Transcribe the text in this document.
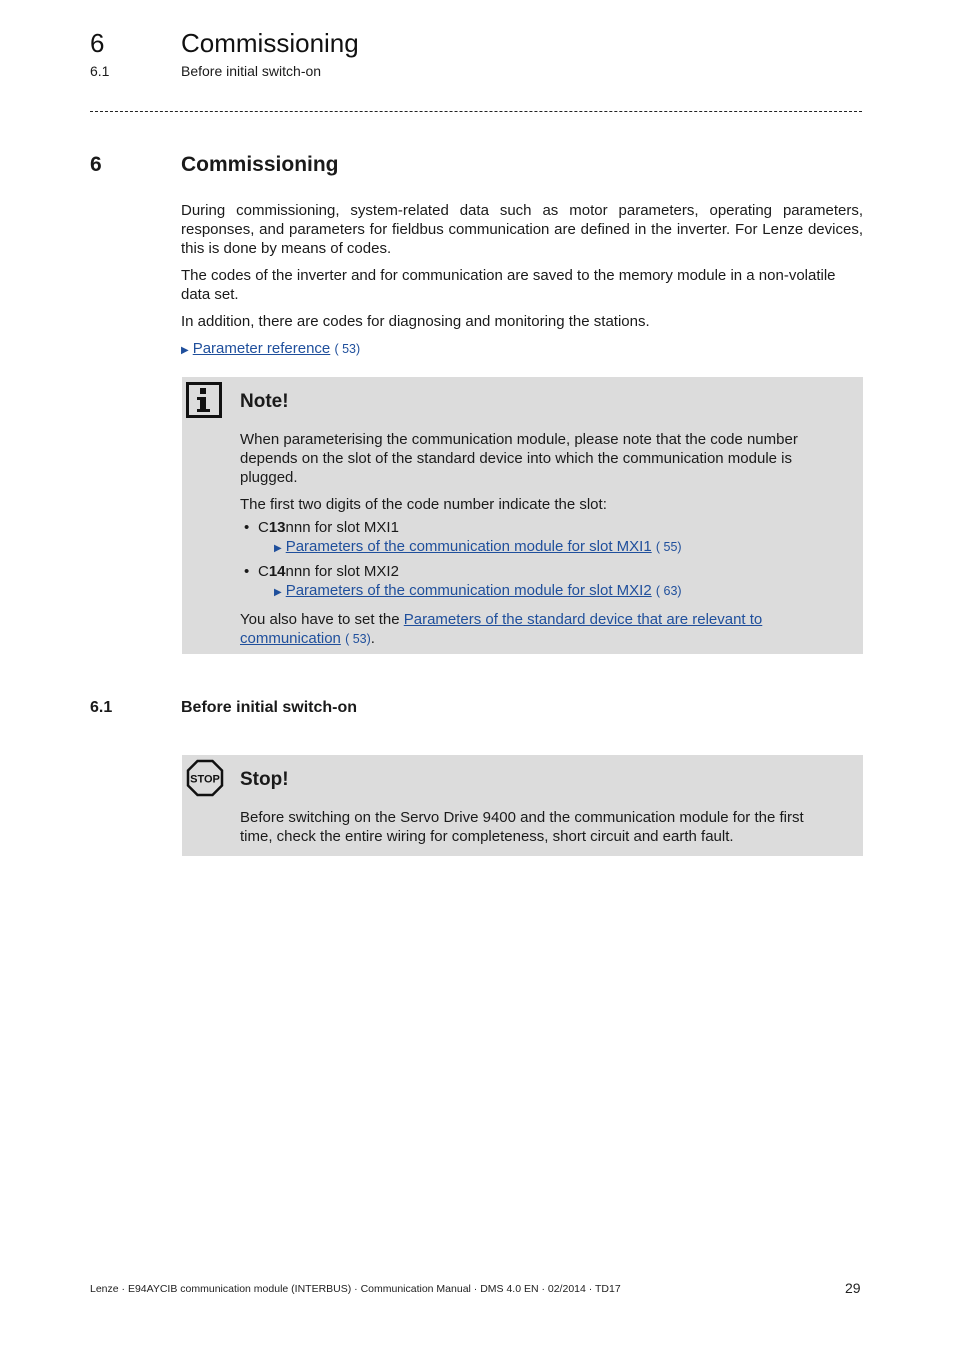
6	Commissioning
6.1	Before initial switch-on
6	Commissioning

During commissioning, system-related data such as motor parameters, operating parameters, responses, and parameters for fieldbus communication are defined in the inverter. For Lenze devices, this is done by means of codes.

The codes of the inverter and for communication are saved to the memory module in a non-volatile data set.

In addition, there are codes for diagnosing and monitoring the stations.

▶ Parameter reference ( 53)

Note!

When parameterising the communication module, please note that the code number depends on the slot of the standard device into which the communication module is plugged.

The first two digits of the code number indicate the slot:

• C13nnn for slot MXI1
▶ Parameters of the communication module for slot MXI1 ( 55)
• C14nnn for slot MXI2
▶ Parameters of the communication module for slot MXI2 ( 63)

You also have to set the Parameters of the standard device that are relevant to communication ( 53).

6.1	Before initial switch-on
STOP Stop!
Before switching on the Servo Drive 9400 and the communication module for the first time, check the entire wiring for completeness, short circuit and earth fault.
Lenze · E94AYCIB communication module (INTERBUS) · Communication Manual · DMS 4.0 EN · 02/2014 · TD17	29
